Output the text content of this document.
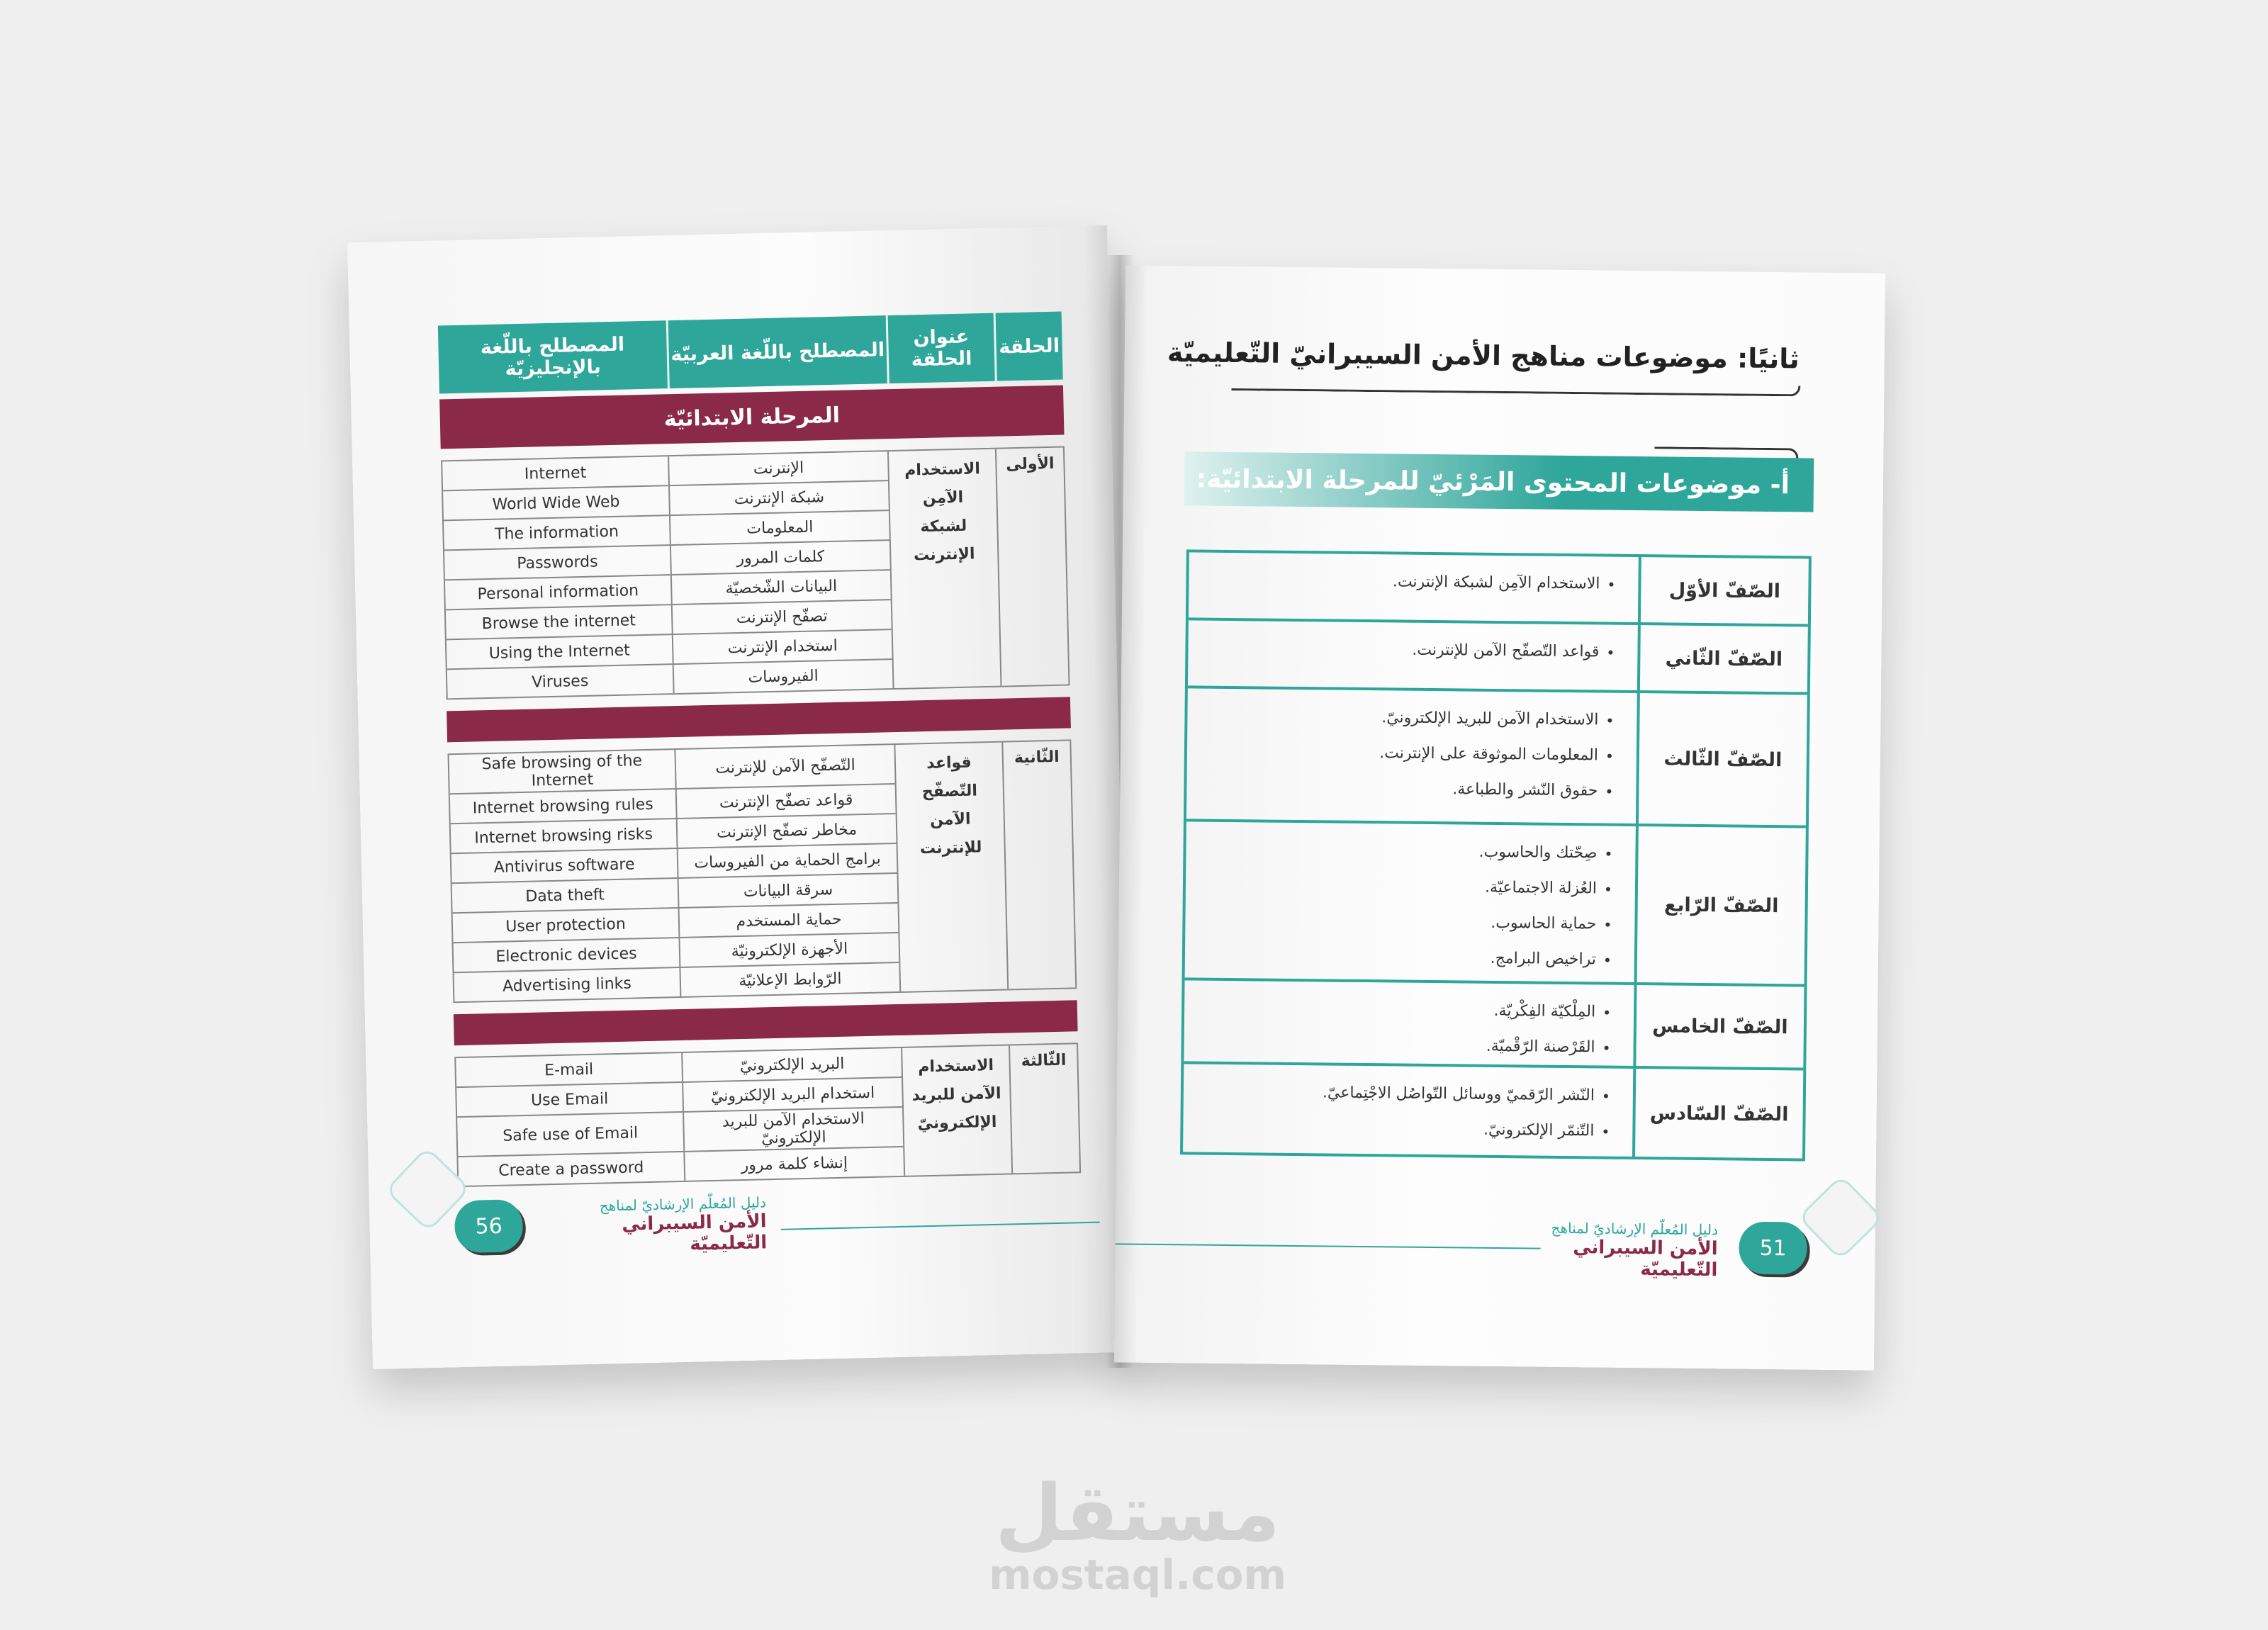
الحلقة
عنوان الحلقة
المصطلح باللّغة العربيّة
المصطلح باللّغة بالإنجليزيّة
المرحلة الابتدائيّة
الأولى
الاستخدام الآمِن لشبكة الإنترنت
الإنترنت
Internet
شبكة الإنترنت
World Wide Web
المعلومات
The information
كلمات المرور
Passwords
البيانات الشّخصيّة
Personal information
تصفّح الإنترنت
Browse the internet
استخدام الإنترنت
Using the Internet
الفيروسات
Viruses
الثّانية
قواعد التّصفّح الآمن للإنترنت
التّصفّح الآمن للإنترنت
Safe browsing of the Internet
قواعد تصفّح الإنترنت
Internet browsing rules
مخاطر تصفّح الإنترنت
Internet browsing risks
برامج الحماية من الفيروسات
Antivirus software
سرقة البيانات
Data theft
حماية المستخدم
User protection
الأجهزة الإلكترونيّة
Electronic devices
الرّوابط الإعلانيّة
Advertising links
الثّالثة
الاستخدام الآمن للبريد الإلكترونيّ
البريد الإلكترونيّ
E-mail
استخدام البريد الإلكترونيّ
Use Email
الاستخدام الآمن للبريد الإلكترونيّ
Safe use of Email
إنشاء كلمة مرور
Create a password
56
دليل المُعلّم الإرشاديّ لمناهج
الأمن السيبراني التّعليميّة
ثانيًا: موضوعات مناهج الأمن السيبرانيّ التّعليميّة
أ- موضوعات المحتوى المَرْئيّ للمرحلة الابتدائيّة:
الصّفّ الأوّل
• الاستخدام الآمِن لشبكة الإنترنت.
الصّفّ الثّاني
• قواعد التّصفّح الآمن للإنترنت.
الصّفّ الثّالث
• الاستخدام الآمن للبريد الإلكترونيّ.
• المعلومات الموثوقة على الإنترنت.
• حقوق النّشر والطباعة.
الصّفّ الرّابع
• صِحّتك والحاسوب.
• العُزلة الاجتماعيّة.
• حماية الحاسوب.
• تراخيص البرامج.
الصّفّ الخامس
• المِلْكيّة الفِكْريّة.
• القَرْصنة الرّقْميّة.
الصّفّ السّادس
• النّشر الرّقميّ ووسائل التّواصُل الاجْتِماعيّ.
• التّنمّر الإلكترونيّ.
دليل المُعلّم الإرشاديّ لمناهج
الأمن السيبراني التّعليميّة
51
مستقل
mostaql.com
